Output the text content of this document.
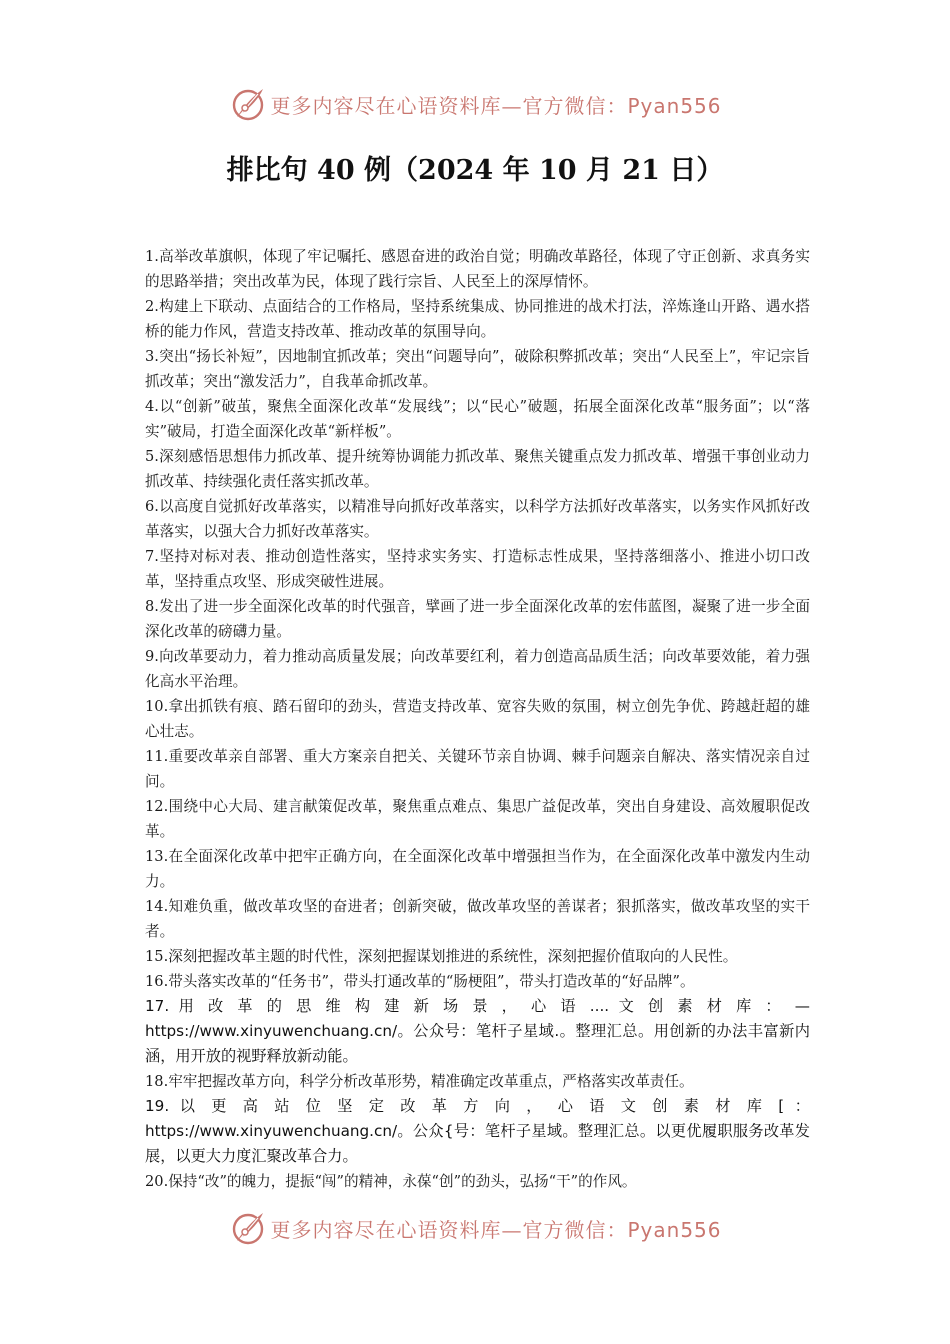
更多内容尽在心语资料库—官方微信：Pyan556
排比句 40 例（2024 年 10 月 21 日）

1.高举改革旗帜，体现了牢记嘱托、感恩奋进的政治自觉；明确改革路径，体现了守正创新、求真务实的思路举措；突出改革为民，体现了践行宗旨、人民至上的深厚情怀。

2.构建上下联动、点面结合的工作格局，坚持系统集成、协同推进的战术打法，淬炼逢山开路、遇水搭桥的能力作风，营造支持改革、推动改革的氛围导向。

3.突出“扬长补短”，因地制宜抓改革；突出“问题导向”，破除积弊抓改革；突出“人民至上”，牢记宗旨抓改革；突出“激发活力”，自我革命抓改革。

4.以“创新”破茧，聚焦全面深化改革“发展线”；以“民心”破题，拓展全面深化改革“服务面”；以“落实”破局，打造全面深化改革“新样板”。

5.深刻感悟思想伟力抓改革、提升统筹协调能力抓改革、聚焦关键重点发力抓改革、增强干事创业动力抓改革、持续强化责任落实抓改革。

6.以高度自觉抓好改革落实，以精准导向抓好改革落实，以科学方法抓好改革落实，以务实作风抓好改革落实，以强大合力抓好改革落实。

7.坚持对标对表、推动创造性落实，坚持求实务实、打造标志性成果，坚持落细落小、推进小切口改革，坚持重点攻坚、形成突破性进展。

8.发出了进一步全面深化改革的时代强音，擘画了进一步全面深化改革的宏伟蓝图，凝聚了进一步全面深化改革的磅礴力量。

9.向改革要动力，着力推动高质量发展；向改革要红利，着力创造高品质生活；向改革要效能，着力强化高水平治理。

10.拿出抓铁有痕、踏石留印的劲头，营造支持改革、宽容失败的氛围，树立创先争优、跨越赶超的雄心壮志。

11.重要改革亲自部署、重大方案亲自把关、关键环节亲自协调、棘手问题亲自解决、落实情况亲自过问。

12.围绕中心大局、建言献策促改革，聚焦重点难点、集思广益促改革，突出自身建设、高效履职促改革。

13.在全面深化改革中把牢正确方向，在全面深化改革中增强担当作为，在全面深化改革中激发内生动力。

14.知难负重，做改革攻坚的奋进者；创新突破，做改革攻坚的善谋者；狠抓落实，做改革攻坚的实干者。

15.深刻把握改革主题的时代性，深刻把握谋划推进的系统性，深刻把握价值取向的人民性。

16.带头落实改革的“任务书”，带头打通改革的“肠梗阻”，带头打造改革的“好品牌”。

17. 用 改 革 的 思 维 构 建 新 场 景 ， 心 语 .... 文 创 素 材 库 ： — https://www.xinyuwenchuang.cn/。公众号：笔杆子星域.。整理汇总。用创新的办法丰富新内涵，用开放的视野释放新动能。

18.牢牢把握改革方向，科学分析改革形势，精准确定改革重点，严格落实改革责任。

19. 以 更 高 站 位 坚 定 改 革 方 向 ， 心 语 文 创 素 材 库 [ ： https://www.xinyuwenchuang.cn/。公众{号：笔杆子星域。整理汇总。以更优履职服务改革发展，以更大力度汇聚改革合力。

20.保持“改”的魄力，提振“闯”的精神，永葆“创”的劲头，弘扬“干”的作风。

更多内容尽在心语资料库—官方微信：Pyan556
